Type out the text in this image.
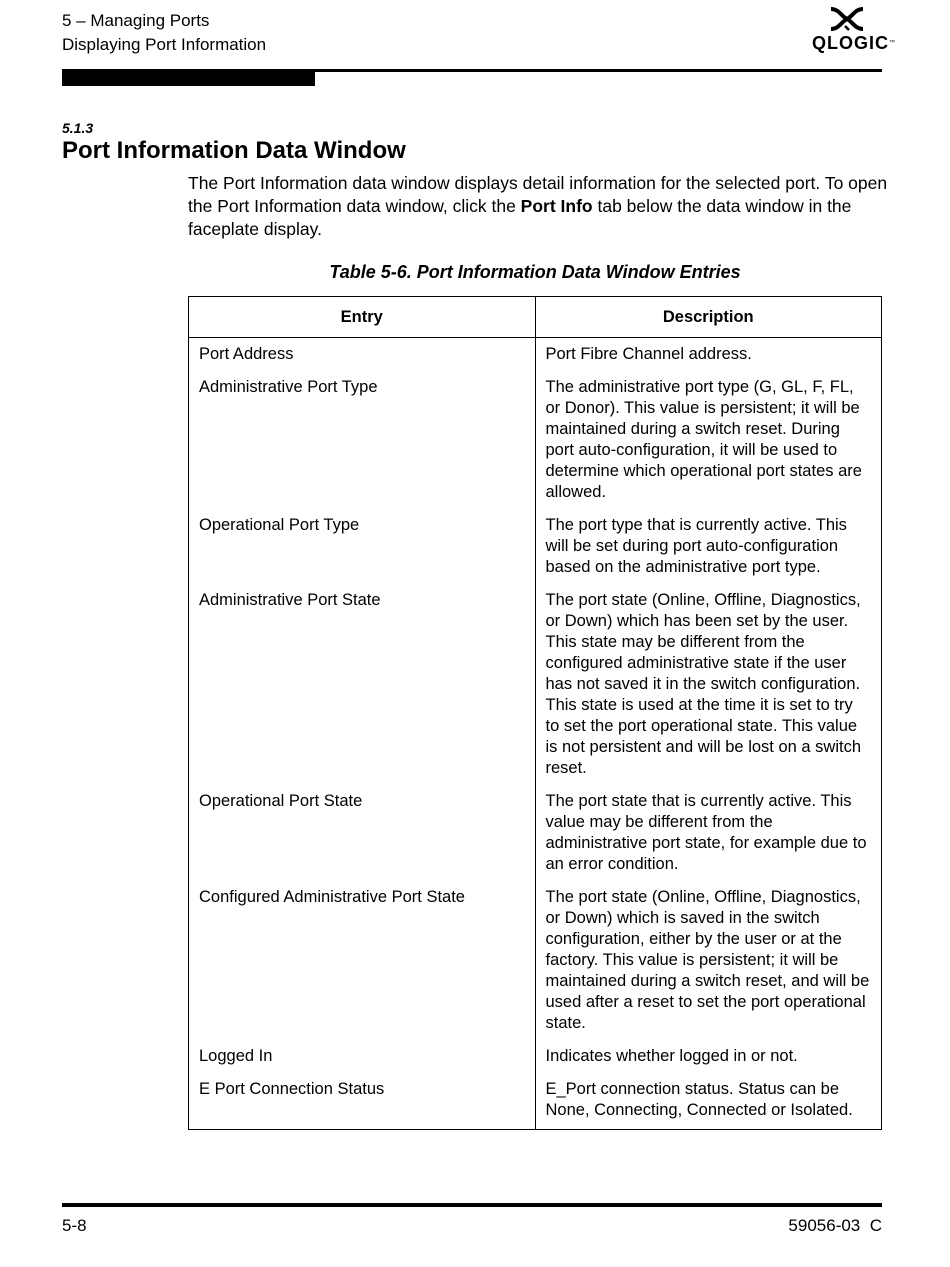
5 – Managing Ports
Displaying Port Information	QLOGIC™
5.1.3
Port Information Data Window
The Port Information data window displays detail information for the selected port. To open the Port Information data window, click the Port Info tab below the data window in the faceplate display.
Table 5-6. Port Information Data Window Entries
Entry	Description
Port Address	Port Fibre Channel address.
Administrative Port Type	The administrative port type (G, GL, F, FL, or Donor). This value is persistent; it will be maintained during a switch reset. During port auto-configuration, it will be used to determine which operational port states are allowed.
Operational Port Type	The port type that is currently active. This will be set during port auto-configuration based on the administrative port type.
Administrative Port State	The port state (Online, Offline, Diagnostics, or Down) which has been set by the user. This state may be different from the configured administrative state if the user has not saved it in the switch configuration. This state is used at the time it is set to try to set the port operational state. This value is not persistent and will be lost on a switch reset.
Operational Port State	The port state that is currently active. This value may be different from the administrative port state, for example due to an error condition.
Configured Administrative Port State	The port state (Online, Offline, Diagnostics, or Down) which is saved in the switch configuration, either by the user or at the factory. This value is persistent; it will be maintained during a switch reset, and will be used after a reset to set the port operational state.
Logged In	Indicates whether logged in or not.
E Port Connection Status	E_Port connection status. Status can be None, Connecting, Connected or Isolated.
5-8	59056-03  C
